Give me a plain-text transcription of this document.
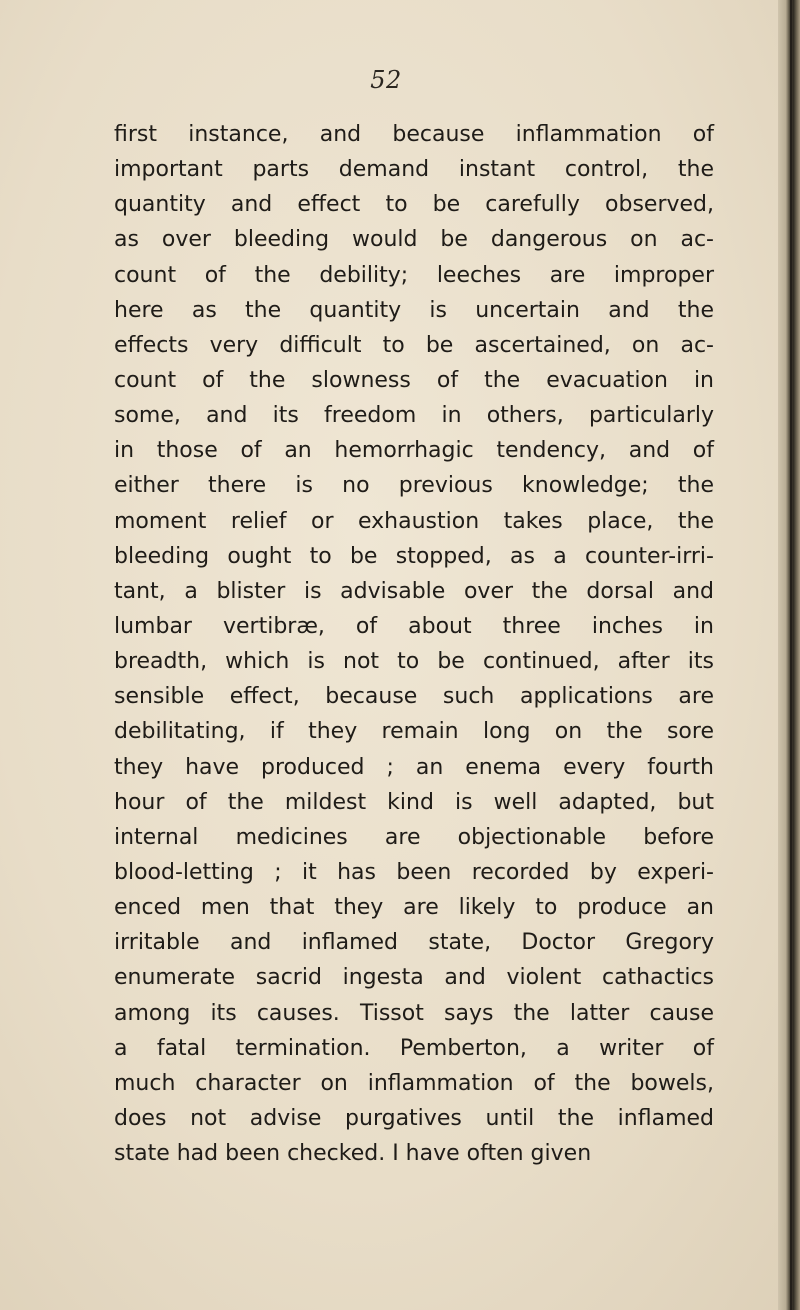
52
first instance, and because inflammation of
important parts demand instant control, the
quantity and effect to be carefully observed,
as over bleeding would be dangerous on ac-
count of the debility; leeches are improper
here as the quantity is uncertain and the
effects very difficult to be ascertained, on ac-
count of the slowness of the evacuation in
some, and its freedom in others, particularly
in those of an hemorrhagic tendency, and of
either there is no previous knowledge; the
moment relief or exhaustion takes place, the
bleeding ought to be stopped, as a counter-irri-
tant, a blister is advisable over the dorsal and
lumbar vertibræ, of about three inches in
breadth, which is not to be continued, after its
sensible effect, because such applications are
debilitating, if they remain long on the sore
they have produced ; an enema every fourth
hour of the mildest kind is well adapted, but
internal medicines are objectionable before
blood-letting ; it has been recorded by experi-
enced men that they are likely to produce an
irritable and inflamed state, Doctor Gregory
enumerate sacrid ingesta and violent cathactics
among its causes. Tissot says the latter cause
a fatal termination. Pemberton, a writer of
much character on inflammation of the bowels,
does not advise purgatives until the inflamed
state had been checked. I have often given
